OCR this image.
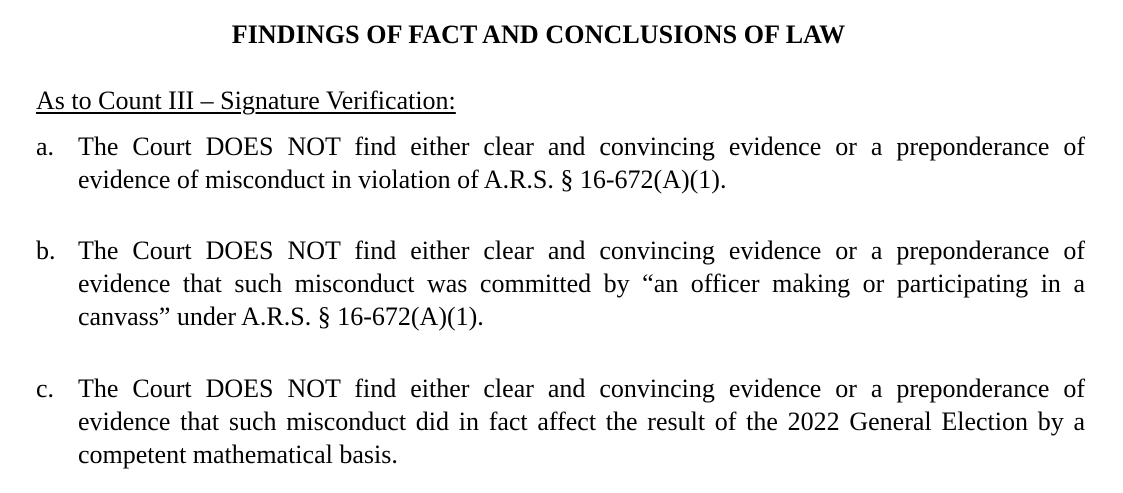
FINDINGS OF FACT AND CONCLUSIONS OF LAW
As to Count III – Signature Verification:
a. The Court DOES NOT find either clear and convincing evidence or a preponderance of evidence of misconduct in violation of A.R.S. § 16-672(A)(1).
b. The Court DOES NOT find either clear and convincing evidence or a preponderance of evidence that such misconduct was committed by “an officer making or participating in a canvass” under A.R.S. § 16-672(A)(1).
c. The Court DOES NOT find either clear and convincing evidence or a preponderance of evidence that such misconduct did in fact affect the result of the 2022 General Election by a competent mathematical basis.
